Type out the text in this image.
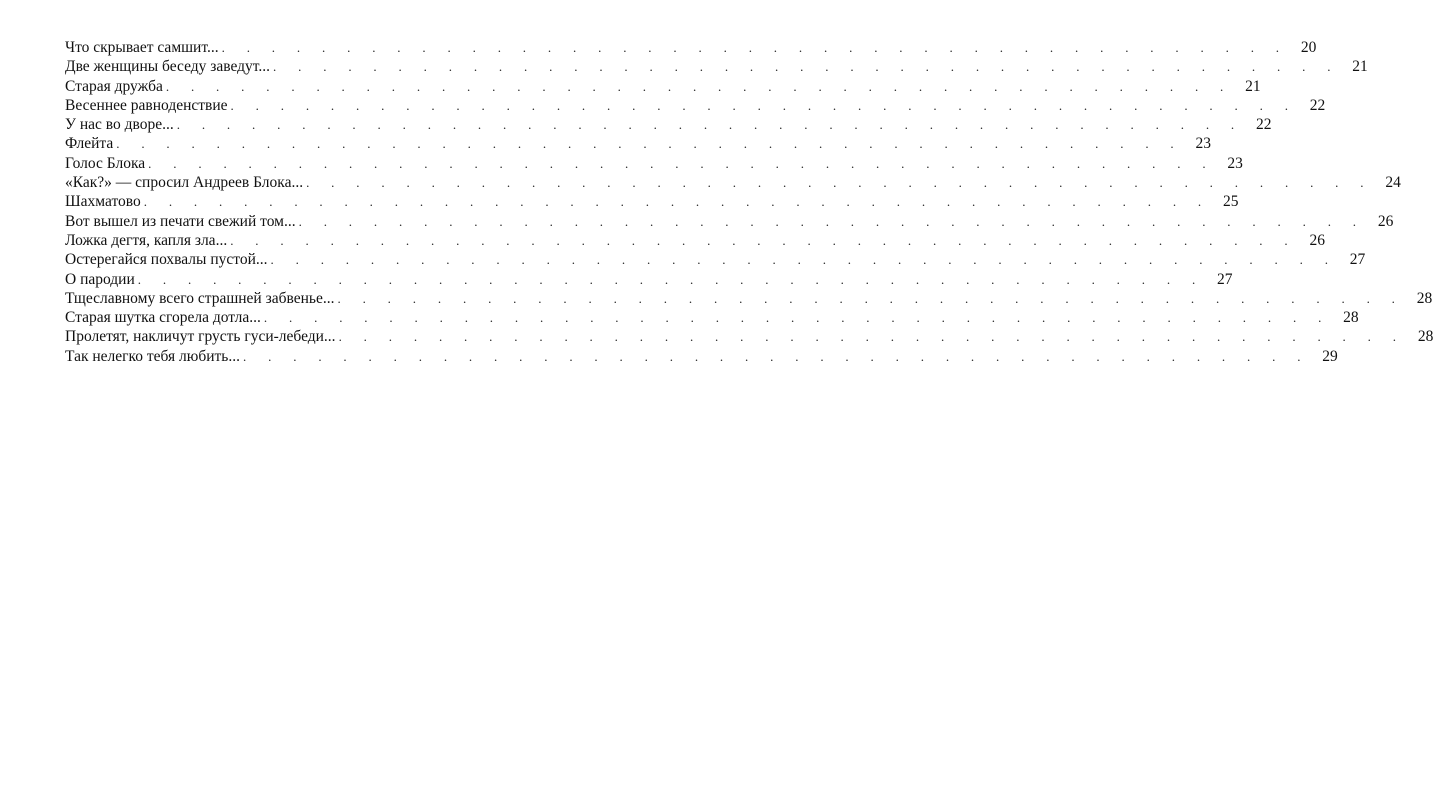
Что скрывает самшит... . . . . . . . . . . . . . . . . . . . . . . . . . . . . . . . . . . . . . . . . . . . 20
Две женщины беседу заведут... . . . . . . . . . . . . . . . . . . . . . . . . . . . . . . . . . . . . . . . . . . . 21
Старая дружба . . . . . . . . . . . . . . . . . . . . . . . . . . . . . . . . . . . . . . . . . . . 21
Весеннее равноденствие . . . . . . . . . . . . . . . . . . . . . . . . . . . . . . . . . . . . . . . . . . . 22
У нас во дворе... . . . . . . . . . . . . . . . . . . . . . . . . . . . . . . . . . . . . . . . . . . . 22
Флейта . . . . . . . . . . . . . . . . . . . . . . . . . . . . . . . . . . . . . . . . . . . 23
Голос Блока . . . . . . . . . . . . . . . . . . . . . . . . . . . . . . . . . . . . . . . . . . . 23
«Как?» — спросил Андреев Блока... . . . . . . . . . . . . . . . . . . . . . . . . . . . . . . . . . . . . . . . . . . . 24
Шахматово . . . . . . . . . . . . . . . . . . . . . . . . . . . . . . . . . . . . . . . . . . . 25
Вот вышел из печати свежий том... . . . . . . . . . . . . . . . . . . . . . . . . . . . . . . . . . . . . . . . . . . . 26
Ложка дегтя, капля зла... . . . . . . . . . . . . . . . . . . . . . . . . . . . . . . . . . . . . . . . . . . . 26
Остерегайся похвалы пустой... . . . . . . . . . . . . . . . . . . . . . . . . . . . . . . . . . . . . . . . . . . . 27
О пародии . . . . . . . . . . . . . . . . . . . . . . . . . . . . . . . . . . . . . . . . . . . 27
Тщеславному всего страшней забвенье... . . . . . . . . . . . . . . . . . . . . . . . . . . . . . . . . . . . . . . . . . . . 28
Старая шутка сгорела дотла... . . . . . . . . . . . . . . . . . . . . . . . . . . . . . . . . . . . . . . . . . . . 28
Пролетят, накличут грусть гуси-лебеди... . . . . . . . . . . . . . . . . . . . . . . . . . . . . . . . . . . . . . . . . . . . 28
Так нелегко тебя любить... . . . . . . . . . . . . . . . . . . . . . . . . . . . . . . . . . . . . . . . . . . . 29
